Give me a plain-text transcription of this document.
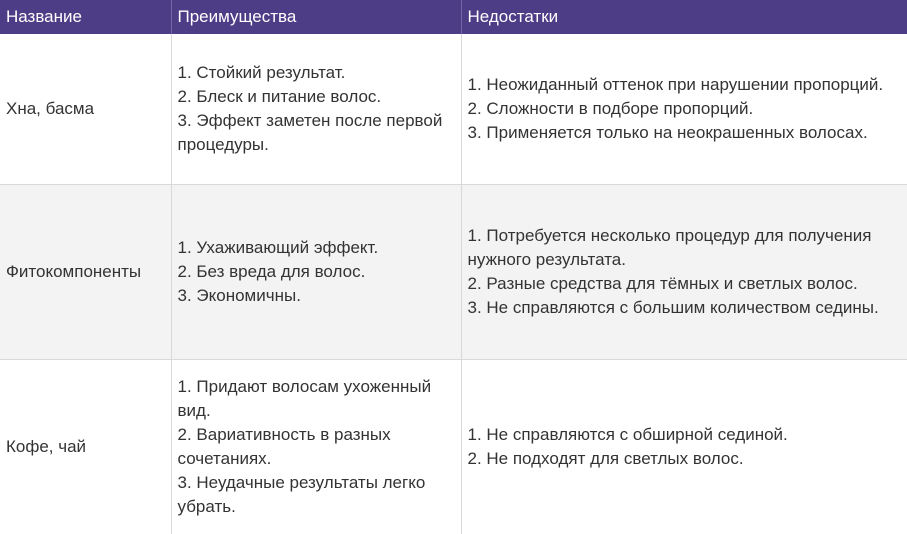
Название	Преимущества	Недостатки
Хна, басма	1. Стойкий результат.
2. Блеск и питание волос.
3. Эффект заметен после первой процедуры.	1. Неожиданный оттенок при нарушении пропорций.
2. Сложности в подборе пропорций.
3. Применяется только на неокрашенных волосах.

Фитокомпоненты	1. Ухаживающий эффект.
2. Без вреда для волос.
3. Экономичны.	1. Потребуется несколько процедур для получения нужного результата.
2. Разные средства для тёмных и светлых волос.
3. Не справляются с большим количеством седины.

Кофе, чай	1. Придают волосам ухоженный вид.
2. Вариативность в разных сочетаниях.
3. Неудачные результаты легко убрать.	1. Не справляются с обширной сединой.
2. Не подходят для светлых волос.
